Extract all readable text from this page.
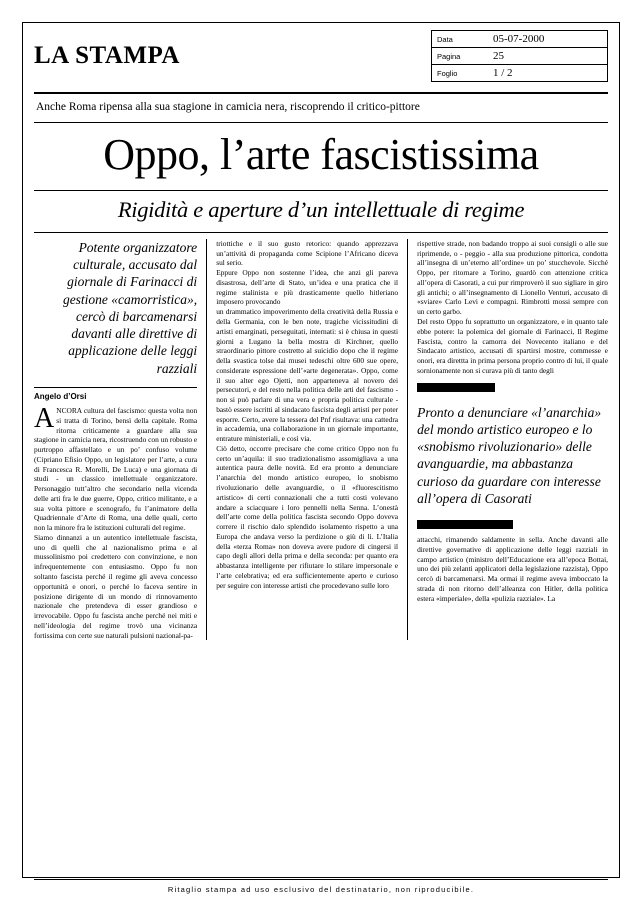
LA STAMPA
Data	05-07-2000
Pagina	25
Foglio	1 / 2
Anche Roma ripensa alla sua stagione in camicia nera, riscoprendo il critico-pittore
Oppo, l’arte fascistissima
Rigidità e aperture d’un intellettuale di regime
Potente organizzatore culturale, accusato dal giornale di Farinacci di gestione «camorristica», cercò di barcamenarsi davanti alle direttive di applicazione delle leggi razziali
Angelo d’Orsi

ANCORA cultura del fascismo: questa volta non si tratta di Torino, bensì della capitale. Roma ritorna criticamente a guardare alla sua stagione in camicia nera, ricostruendo con un robusto e purtroppo affastellato e un po’ confuso volume (Cipriano Efisio Oppo, un legislatore per l’arte, a cura di Francesca R. Morelli, De Luca) e una giornata di studi - un classico intellettuale organizzatore. Personaggio tutt’altro che secondario nella vicenda delle arti fra le due guerre, Oppo, critico militante, e a sua volta pittore e scenografo, fu l’animatore della Quadriennale d’Arte di Roma, una delle quali, certo non la minore fra le istituzioni culturali del regime.

Siamo dinnanzi a un autentico intellettuale fascista, uno di quelli che al nazionalismo prima e al mussolinismo poi credettero con convinzione, e non infrequentemente con entusiasmo. Oppo fu non soltanto fascista perché il regime gli aveva concesso opportunità e onori, o perché lo faceva sentire in posizione dirigente di un mondo di rinnovamento nazionale che pretendeva di esser grandioso e irrevocabile. Oppo fu fascista anche perché nei miti e nell’ideologia del regime trovò una vicinanza fortissima con certe sue naturali pulsioni nazional-pa-

triottiche e il suo gusto retorico: quando apprezzava un’attività di propaganda come Scipione l’Africano diceva sul serio.

Eppure Oppo non sostenne l’idea, che anzi gli pareva disastrosa, dell’arte di Stato, un’idea e una pratica che il regime stalinista e più drasticamente quello hitleriano imposero provocando

un drammatico impoverimento della creatività della Russia e della Germania, con le ben note, tragiche vicissitudini di artisti emarginati, perseguitati, internati: si è chiusa in questi giorni a Lugano la bella mostra di Kirchner, quello straordinario pittore costretto al suicidio dopo che il regime della svastica tolse dai musei tedeschi oltre 600 sue opere, considerate espressione dell’«arte degenerata». Oppo, come il suo alter ego Ojetti, non apparteneva al novero dei persecutori, e del resto nella politica delle arti del fascismo - non si può parlare di una vera e propria politica culturale - bastò essere iscritti al sindacato fascista degli artisti per poter esporre. Certo, avere la tessera del Pnf risultava: una cattedra in accademia, una collaborazione in un giornale importante, entrature ministeriali, e così via.

Ciò detto, occorre precisare che come critico Oppo non fu certo un’aquila: il suo tradizionalismo assomigliava a una autentica paura delle novità. Ed era pronto a denunciare l’anarchia del mondo artistico europeo, lo snobismo rivoluzionario delle avanguardie, o il «fluorescitismo artistico» di certi connazionali che a tutti costi volevano andare a sciacquare i loro pennelli nella Senna. L’onestà dell’arte come della politica fascista secondo Oppo doveva correre il rischio dalo splendido isolamento rispetto a una Europa che andava verso la perdizione o giù di lì. L’Italia della «terza Roma» non doveva avere pudore di cingersi il capo degli allori della prima e della seconda: per quanto era abbastanza intelligente per rifiutare lo stilare impersonale e l’arte celebrativa; ed era sufficientemente aperto e curioso per seguire con interesse artisti che procedevano sulle loro

rispettive strade, non badando troppo ai suoi consigli o alle sue riprimende, o - peggio - alla sua produzione pittorica, condotta all’insegna di un’eterno all’ordine» un po’ stucchevole. Sicché Oppo, per ritornare a Torino, guardò con attenzione critica all’opera di Casorati, a cui pur rimproverò il suo sigliare in giro gli antichi; o all’insegnamento di Lionello Venturi, accusato di «sviare» Carlo Levi e compagni. Rimbrotti mossi sempre con un certo garbo.

Del resto Oppo fu soprattutto un organizzatore, e in quanto tale ebbe potere: la polemica del giornale di Farinacci, Il Regime Fascista, contro la camorra dei Novecento italiano e del Sindacato artistico, accusati di spartirsi mostre, commesse e onori, era direttta in prima persona proprio contro di lui, il quale sornionamente non si curava più di tanto degli

Pronto a denunciare «l’anarchia» del mondo artistico europeo e lo «snobismo rivoluzionario» delle avanguardie, ma abbastanza curioso da guardare con interesse all’opera di Casorati

attacchi, rimanendo saldamente in sella. Anche davanti alle direttive governative di applicazione delle leggi razziali in campo artistico (ministro dell’Educazione era all’epoca Bottai, uno dei più zelanti applicatori della legislazione razzista), Oppo cercò di barcamenarsi. Ma ormai il regime aveva imboccato la strada di non ritorno dell’alleanza con Hitler, della politica estera «imperiale», della «pulizia razziale». La

Ritaglio stampa ad uso esclusivo del destinatario, non riproducibile.
